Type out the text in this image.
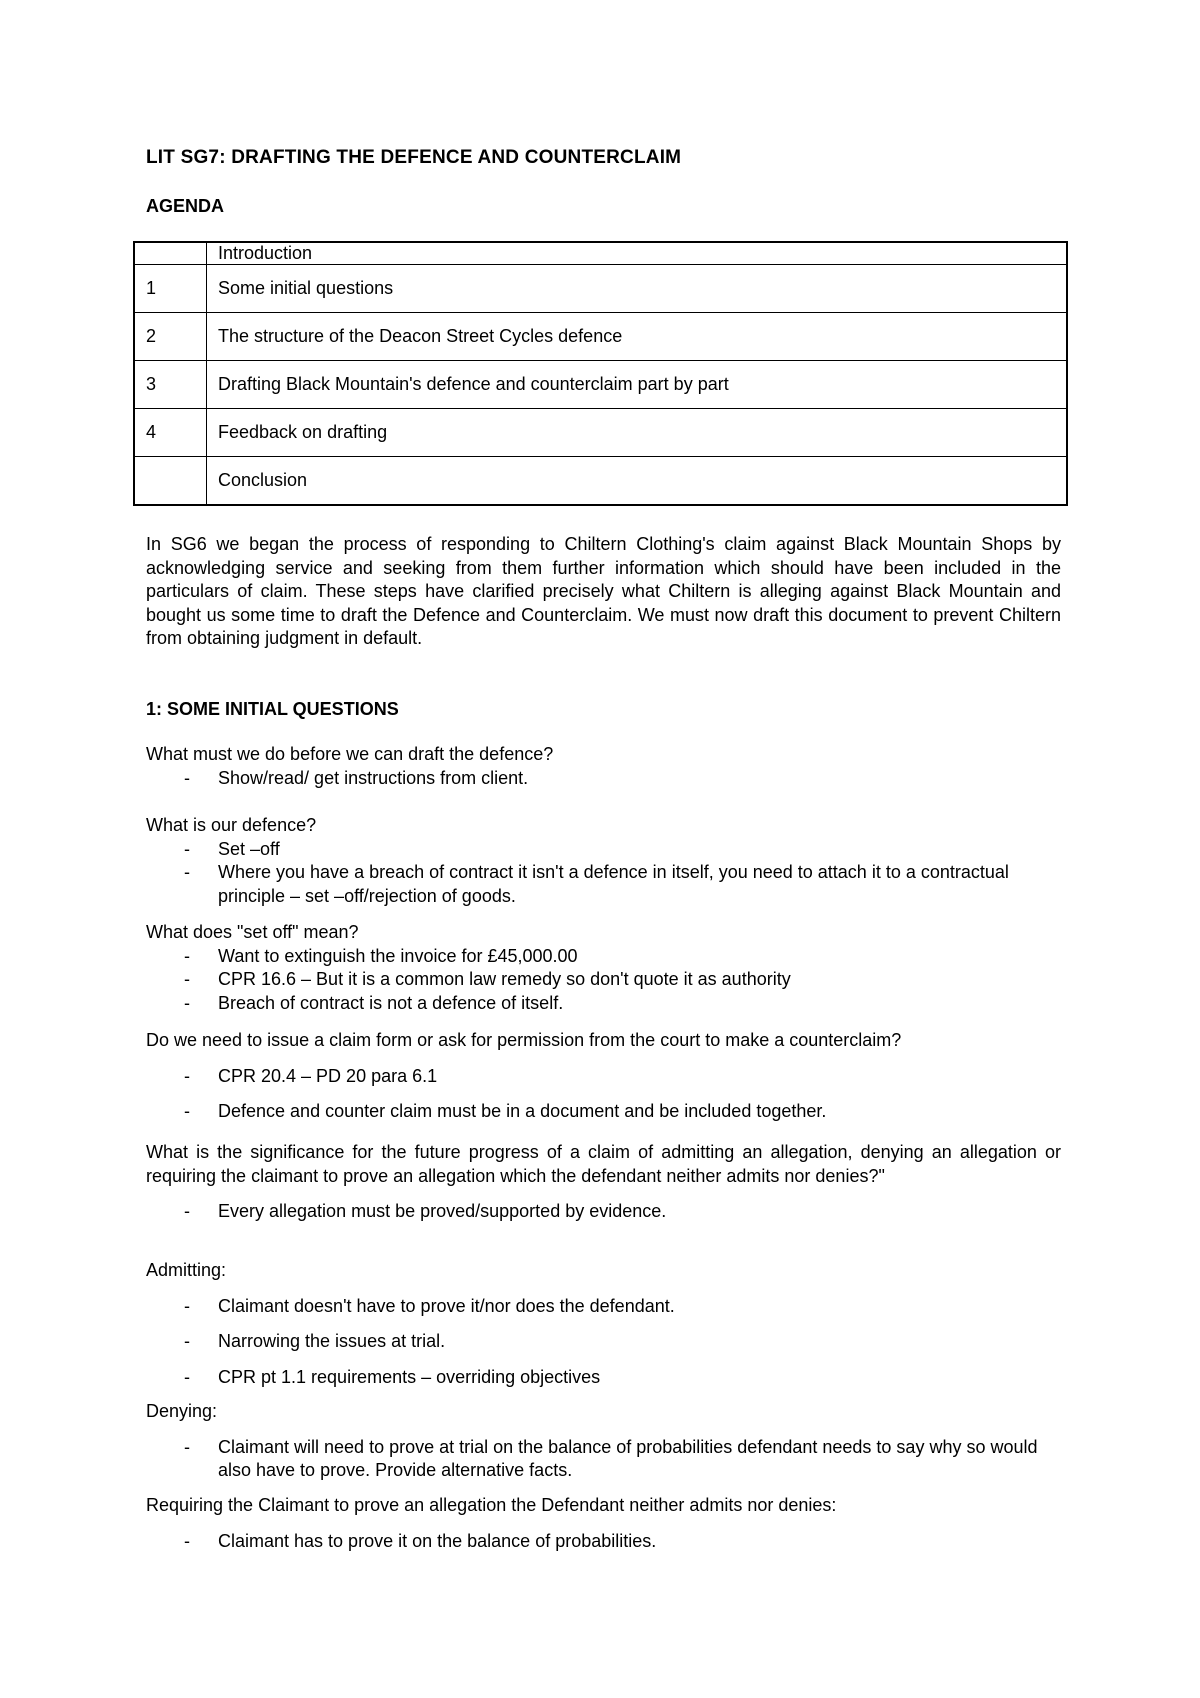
LIT SG7: DRAFTING THE DEFENCE AND COUNTERCLAIM
AGENDA
	Introduction
1	Some initial questions
2	The structure of the Deacon Street Cycles defence
3	Drafting Black Mountain's defence and counterclaim part by part
4	Feedback on drafting
	Conclusion

In SG6 we began the process of responding to Chiltern Clothing's claim against Black Mountain Shops by acknowledging service and seeking from them further information which should have been included in the particulars of claim. These steps have clarified precisely what Chiltern is alleging against Black Mountain and bought us some time to draft the Defence and Counterclaim. We must now draft this document to prevent Chiltern from obtaining judgment in default.

1: SOME INITIAL QUESTIONS

What must we do before we can draft the defence?

- Show/read/ get instructions from client.

What is our defence?

- Set –off
- Where you have a breach of contract it isn't a defence in itself, you need to attach it to a contractual principle – set –off/rejection of goods.

What does "set off" mean?

- Want to extinguish the invoice for £45,000.00
- CPR 16.6 – But it is a common law remedy so don't quote it as authority
- Breach of contract is not a defence of itself.

Do we need to issue a claim form or ask for permission from the court to make a counterclaim?

- CPR 20.4 – PD 20 para 6.1
- Defence and counter claim must be in a document and be included together.

What is the significance for the future progress of a claim of admitting an allegation, denying an allegation or requiring the claimant to prove an allegation which the defendant neither admits nor denies?"

- Every allegation must be proved/supported by evidence.

Admitting:

- Claimant doesn't have to prove it/nor does the defendant.
- Narrowing the issues at trial.
- CPR pt 1.1 requirements – overriding objectives

Denying:

- Claimant will need to prove at trial on the balance of probabilities defendant needs to say why so would also have to prove. Provide alternative facts.

Requiring the Claimant to prove an allegation the Defendant neither admits nor denies:

- Claimant has to prove it on the balance of probabilities.
